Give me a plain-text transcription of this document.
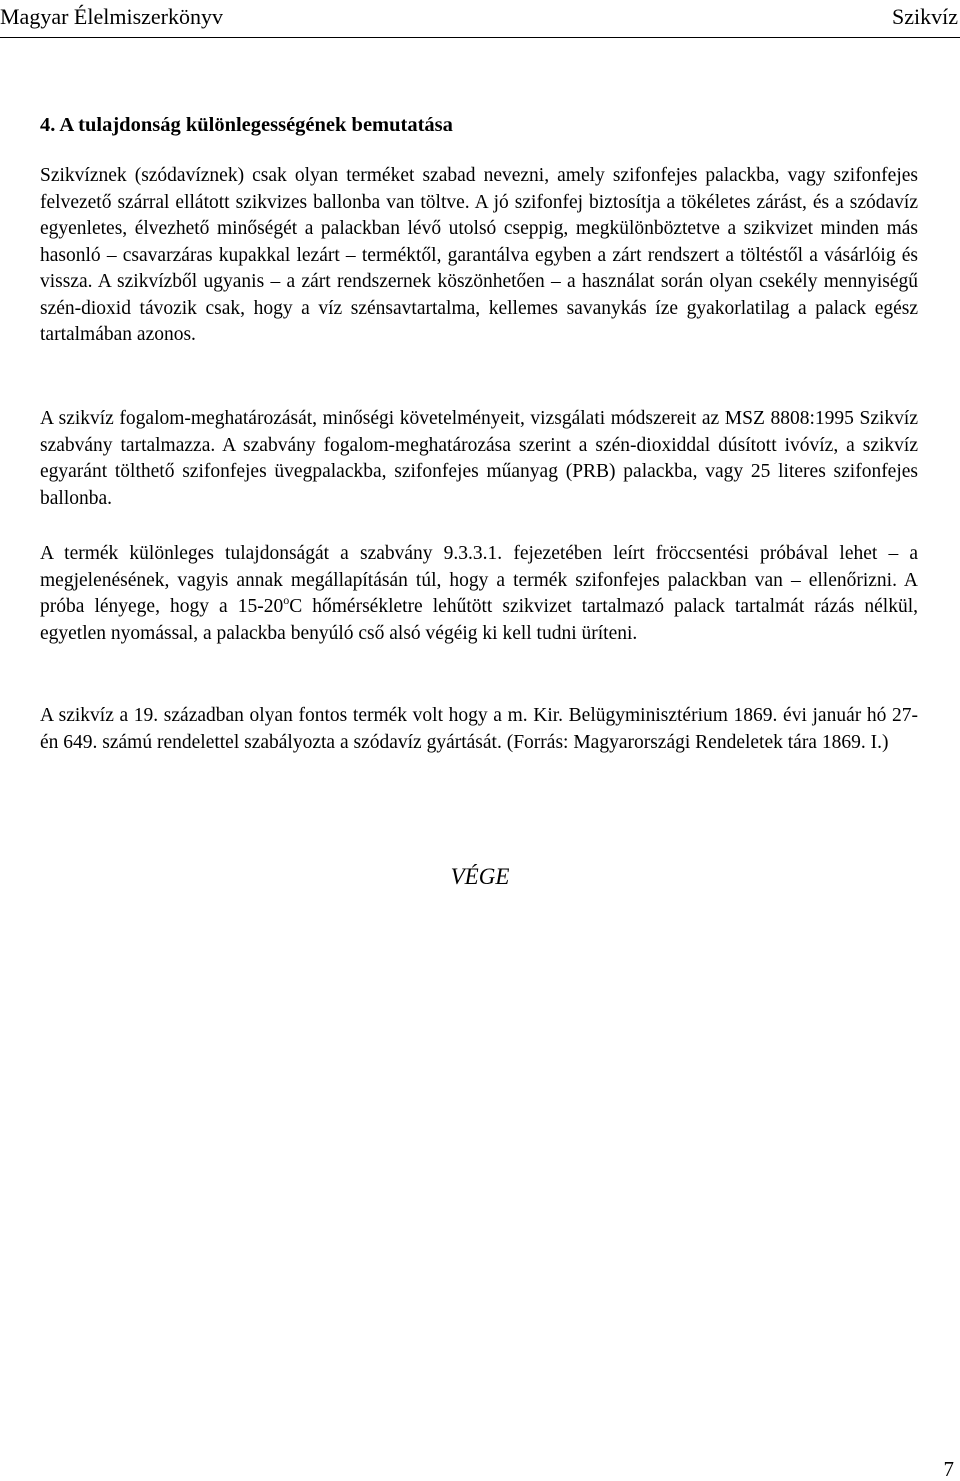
Magyar Élelmiszerkönyv	Szikvíz
4. A tulajdonság különlegességének bemutatása
Szikvíznek (szódavíznek) csak olyan terméket szabad nevezni, amely szifonfejes palackba, vagy szifonfejes felvezető szárral ellátott szikvizes ballonba van töltve. A jó szifonfej biztosítja a tökéletes zárást, és a szódavíz egyenletes, élvezhető minőségét a palackban lévő utolsó cseppig, megkülönböztetve a szikvizet minden más hasonló – csavarzáras kupakkal lezárt – terméktől, garantálva egyben a zárt rendszert a töltéstől a vásárlóig és vissza. A szikvízből ugyanis – a zárt rendszernek köszönhetően – a használat során olyan csekély mennyiségű szén-dioxid távozik csak, hogy a víz szénsavtartalma, kellemes savanykás íze gyakorlatilag a palack egész tartalmában azonos.
A szikvíz fogalom-meghatározását, minőségi követelményeit, vizsgálati módszereit az MSZ 8808:1995 Szikvíz szabvány tartalmazza. A szabvány fogalom-meghatározása szerint a szén-dioxiddal dúsított ivóvíz, a szikvíz egyaránt tölthető szifonfejes üvegpalackba, szifonfejes műanyag (PRB) palackba, vagy 25 literes szifonfejes ballonba.
A termék különleges tulajdonságát a szabvány 9.3.3.1. fejezetében leírt fröccsentési próbával lehet – a megjelenésének, vagyis annak megállapításán túl, hogy a termék szifonfejes palackban van – ellenőrizni. A próba lényege, hogy a 15-20$^o$C hőmérsékletre lehűtött szikvizet tartalmazó palack tartalmát rázás nélkül, egyetlen nyomással, a palackba benyúló cső alsó végéig ki kell tudni üríteni.
A szikvíz a 19. században olyan fontos termék volt hogy a m. Kir. Belügyminisztérium 1869. évi január hó 27-én 649. számú rendelettel szabályozta a szódavíz gyártását. (Forrás: Magyarországi Rendeletek tára 1869. I.)
VÉGE
7
